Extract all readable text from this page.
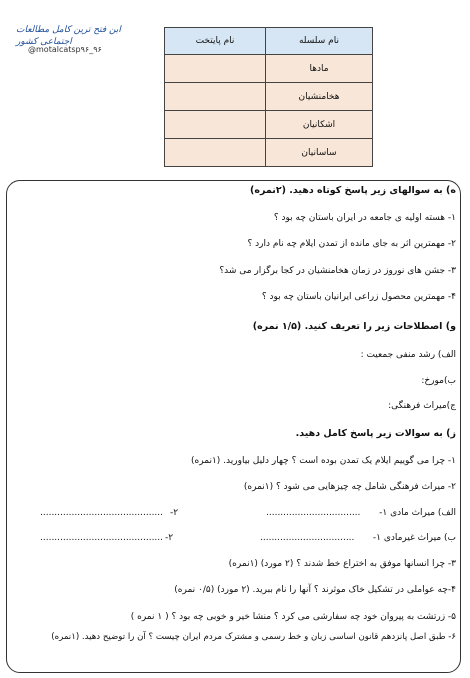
ابن فتح ترین کامل مطالعات اجتماعی کشور
@motalcatsp۹۶_۹۶
نام سلسله	نام پایتخت
مادها	
هخامنشیان	
اشکانیان	
ساسانیان	
ه) به سوالهای زیر پاسخ کوتاه دهید. (۲نمره)
۱- هسته اولیه ی جامعه در ایران باستان چه بود ؟
۲- مهمترین اثر به جای مانده از تمدن ایلام چه نام دارد ؟
۳- جشن های نوروز در زمان هخامنشیان در کجا برگزار می شد؟
۴- مهمترین محصول زراعی ایرانیان باستان چه بود ؟
و) اصطلاحات زیر را تعریف کنید. (۱/۵ نمره)
الف) رشد منفی جمعیت :
ب)مورخ:
ج)میراث فرهنگی:
ز) به سوالات زیر پاسخ کامل دهید.
۱- چرا می گوییم ایلام یک تمدن بوده است ؟ چهار دلیل بیاورید. (۱نمره)
۲- میراث فرهنگی شامل چه چیزهایی می شود ؟ (۱نمره)
الف) میراث مادی ۱-
.................................
-۲
...........................................
ب) میراث غیرمادی ۱-
.................................
-۲
...........................................
۳- چرا انسانها موفق به اختراع خط شدند ؟ (۲ مورد) (۱نمره)
۴-چه عواملی در تشکیل خاک موثرند ؟ آنها را نام ببرید. (۲ مورد) (۰/۵ نمره)
۵- زرتشت به پیروان خود چه سفارشی می کرد ؟ منشا خیر و خوبی چه بود ؟ ( ۱ نمره )
۶- طبق اصل پانزدهم قانون اساسی زبان و خط رسمی و مشترک مردم ایران چیست ؟ آن را توضیح دهید. (۱نمره)
